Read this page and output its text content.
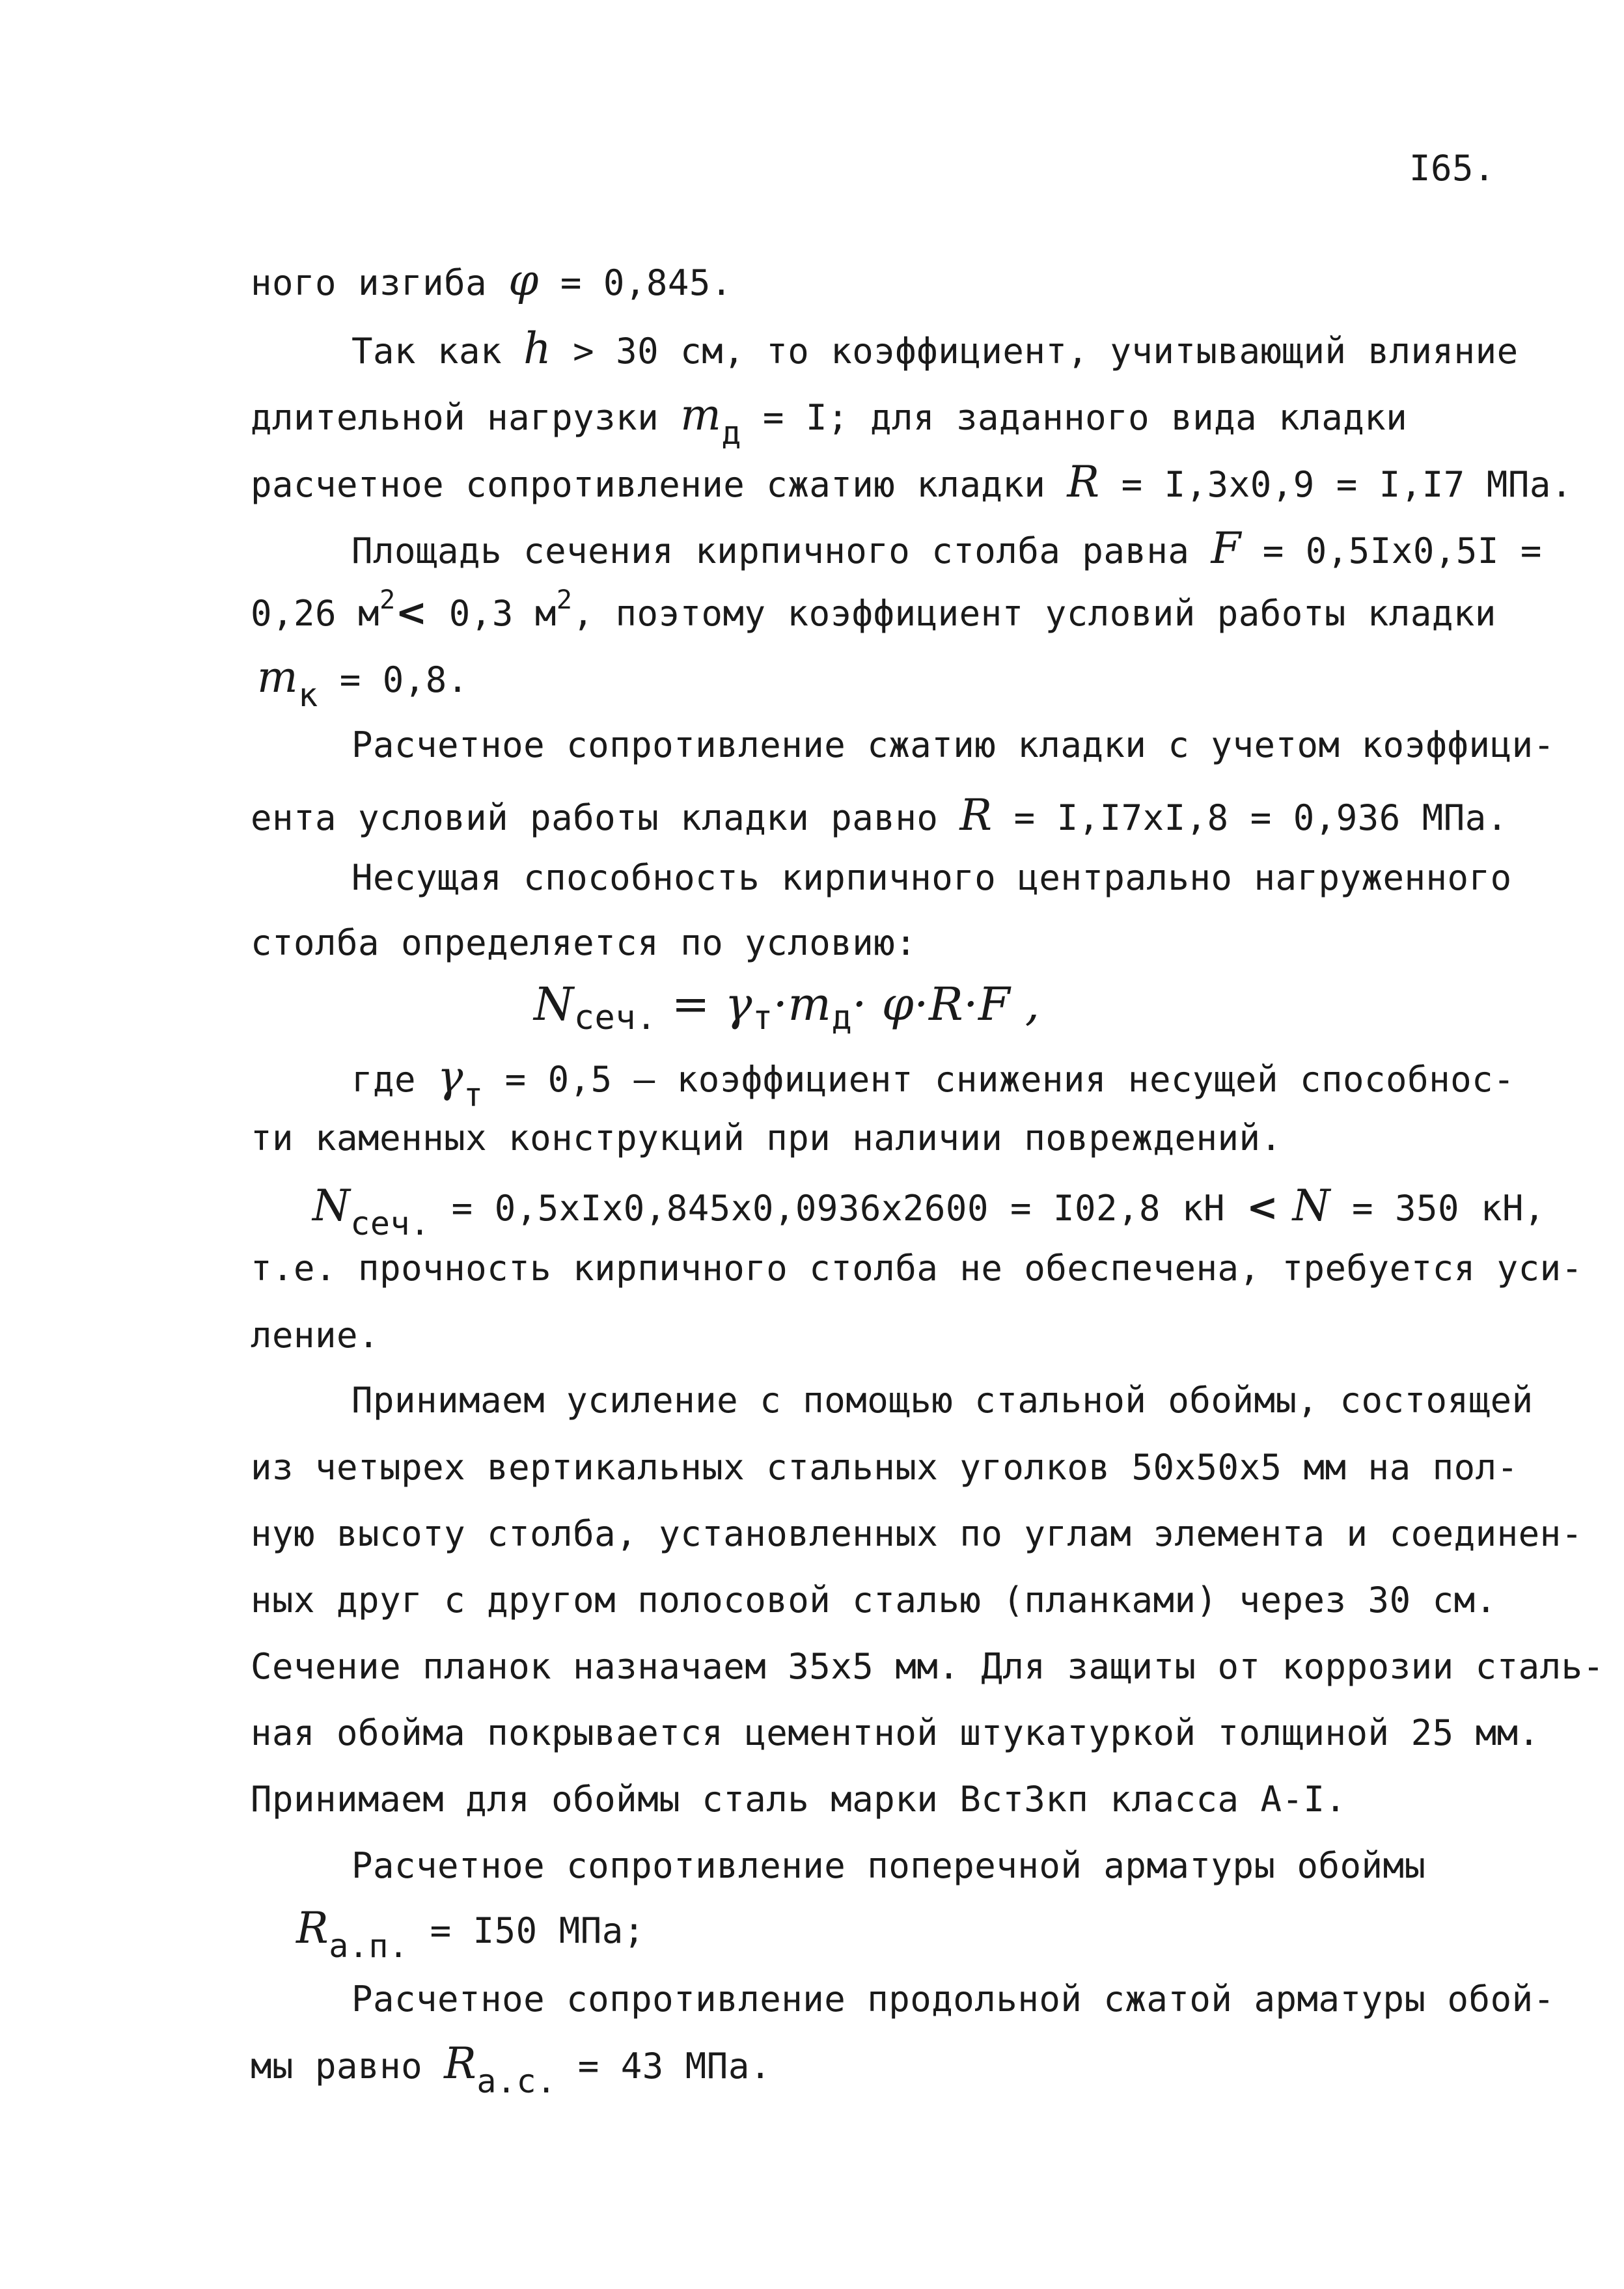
I65.
ного изгиба φ = 0,845.
Так как h > 30 см, то коэффициент, учитывающий влияние
длительной нагрузки mд = I; для заданного вида кладки
расчетное сопротивление сжатию кладки R = I,3x0,9 = I,I7 МПа.
Площадь сечения кирпичного столба равна F = 0,5Ix0,5I =
0,26 $м^2< 0,3$ $м^2$, поэтому коэффициент условий работы кладки
mк = 0,8.
Расчетное сопротивление сжатию кладки с учетом коэффици-
ента условий работы кладки равно R = I,I7xI,8 = 0,936 МПа.
Несущая способность кирпичного центрально нагруженного
столба определяется по условию:
$N_{сеч.} = \gamma_т\cdot m_д\cdot \varphi\cdot R\cdot F$ ,
где γт = 0,5 – коэффициент снижения несущей способнос-
ти каменных конструкций при наличии повреждений.
Nсеч. = 0,5xIx0,845x0,0936x2600 = I02,8 кН < N = 350 кН,
т.е. прочность кирпичного столба не обеспечена, требуется уси-
ление.
Принимаем усиление с помощью стальной обоймы, состоящей
из четырех вертикальных стальных уголков 50x50x5 мм на пол-
ную высоту столба, установленных по углам элемента и соединен-
ных друг с другом полосовой сталью (планками) через 30 см.
Сечение планок назначаем 35x5 мм. Для защиты от коррозии сталь-
ная обойма покрывается цементной штукатуркой толщиной 25 мм.
Принимаем для обоймы сталь марки ВстЗкп класса А-I.
Расчетное сопротивление поперечной арматуры обоймы
Rа.п. = I50 МПа;
Расчетное сопротивление продольной сжатой арматуры обой-
мы равно Rа.с. = 43 МПа.
